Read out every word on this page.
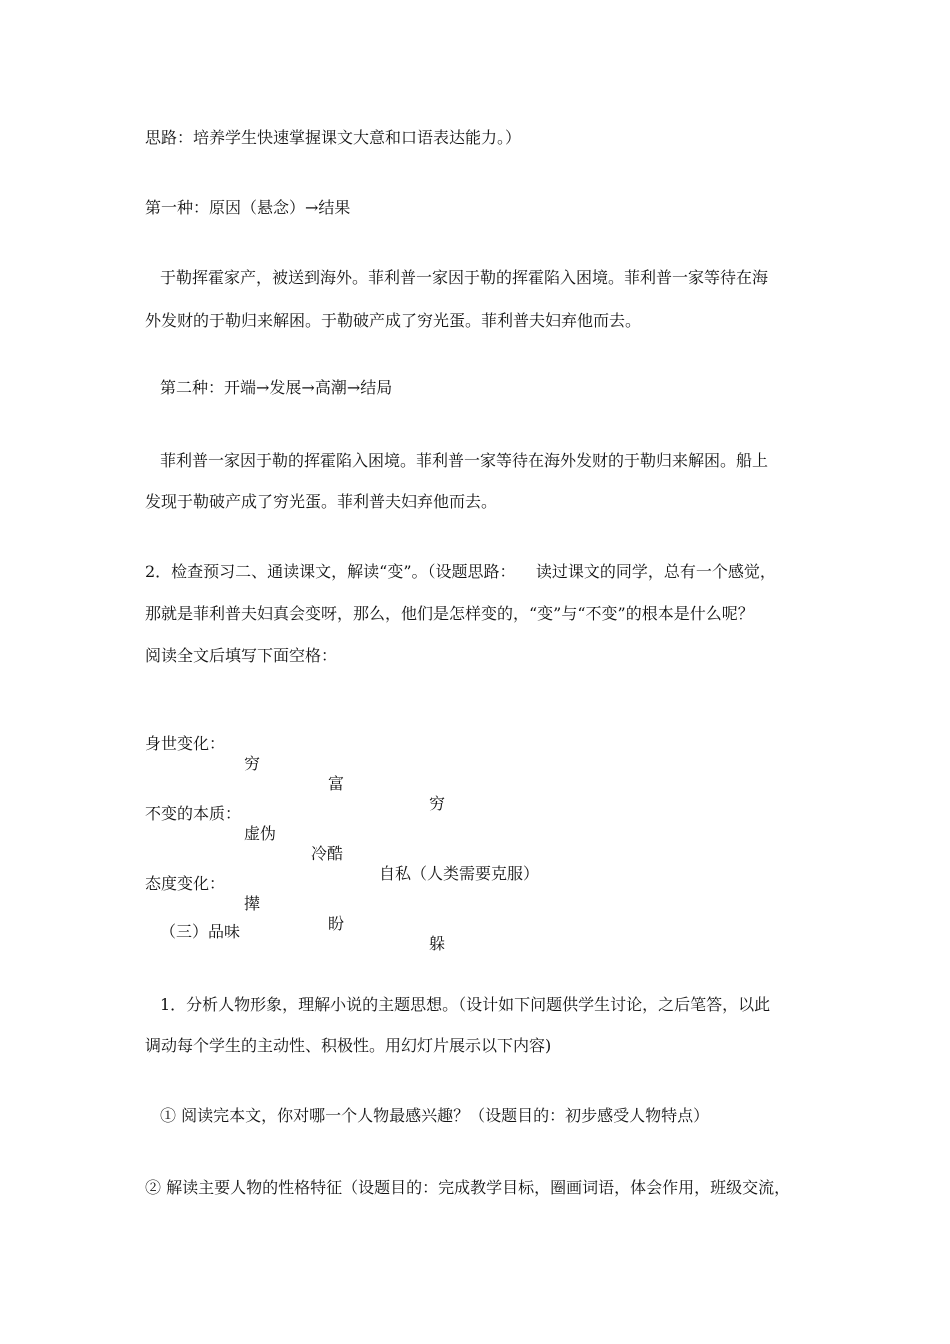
思路：培养学生快速掌握课文大意和口语表达能力。）
第一种：原因（悬念）→结果
于勒挥霍家产，被送到海外。菲利普一家因于勒的挥霍陷入困境。菲利普一家等待在海
外发财的于勒归来解困。于勒破产成了穷光蛋。菲利普夫妇弃他而去。
第二种：开端→发展→高潮→结局
菲利普一家因于勒的挥霍陷入困境。菲利普一家等待在海外发财的于勒归来解困。船上
发现于勒破产成了穷光蛋。菲利普夫妇弃他而去。
2．检查预习二、通读课文，解读“变”。（设题思路：    读过课文的同学，总有一个感觉，
那就是菲利普夫妇真会变呀，那么，他们是怎样变的，“变”与“不变”的根本是什么呢？
阅读全文后填写下面空格：

身世变化：

穷

富

穷

不变的本质：

虚伪

冷酷

自私（人类需要克服）

态度变化：

撵

盼

躲

（三）品味
1．分析人物形象，理解小说的主题思想。（设计如下问题供学生讨论，之后笔答，以此
调动每个学生的主动性、积极性。用幻灯片展示以下内容)
① 阅读完本文，你对哪一个人物最感兴趣？（设题目的：初步感受人物特点）
② 解读主要人物的性格特征（设题目的：完成教学目标，圈画词语，体会作用，班级交流，
